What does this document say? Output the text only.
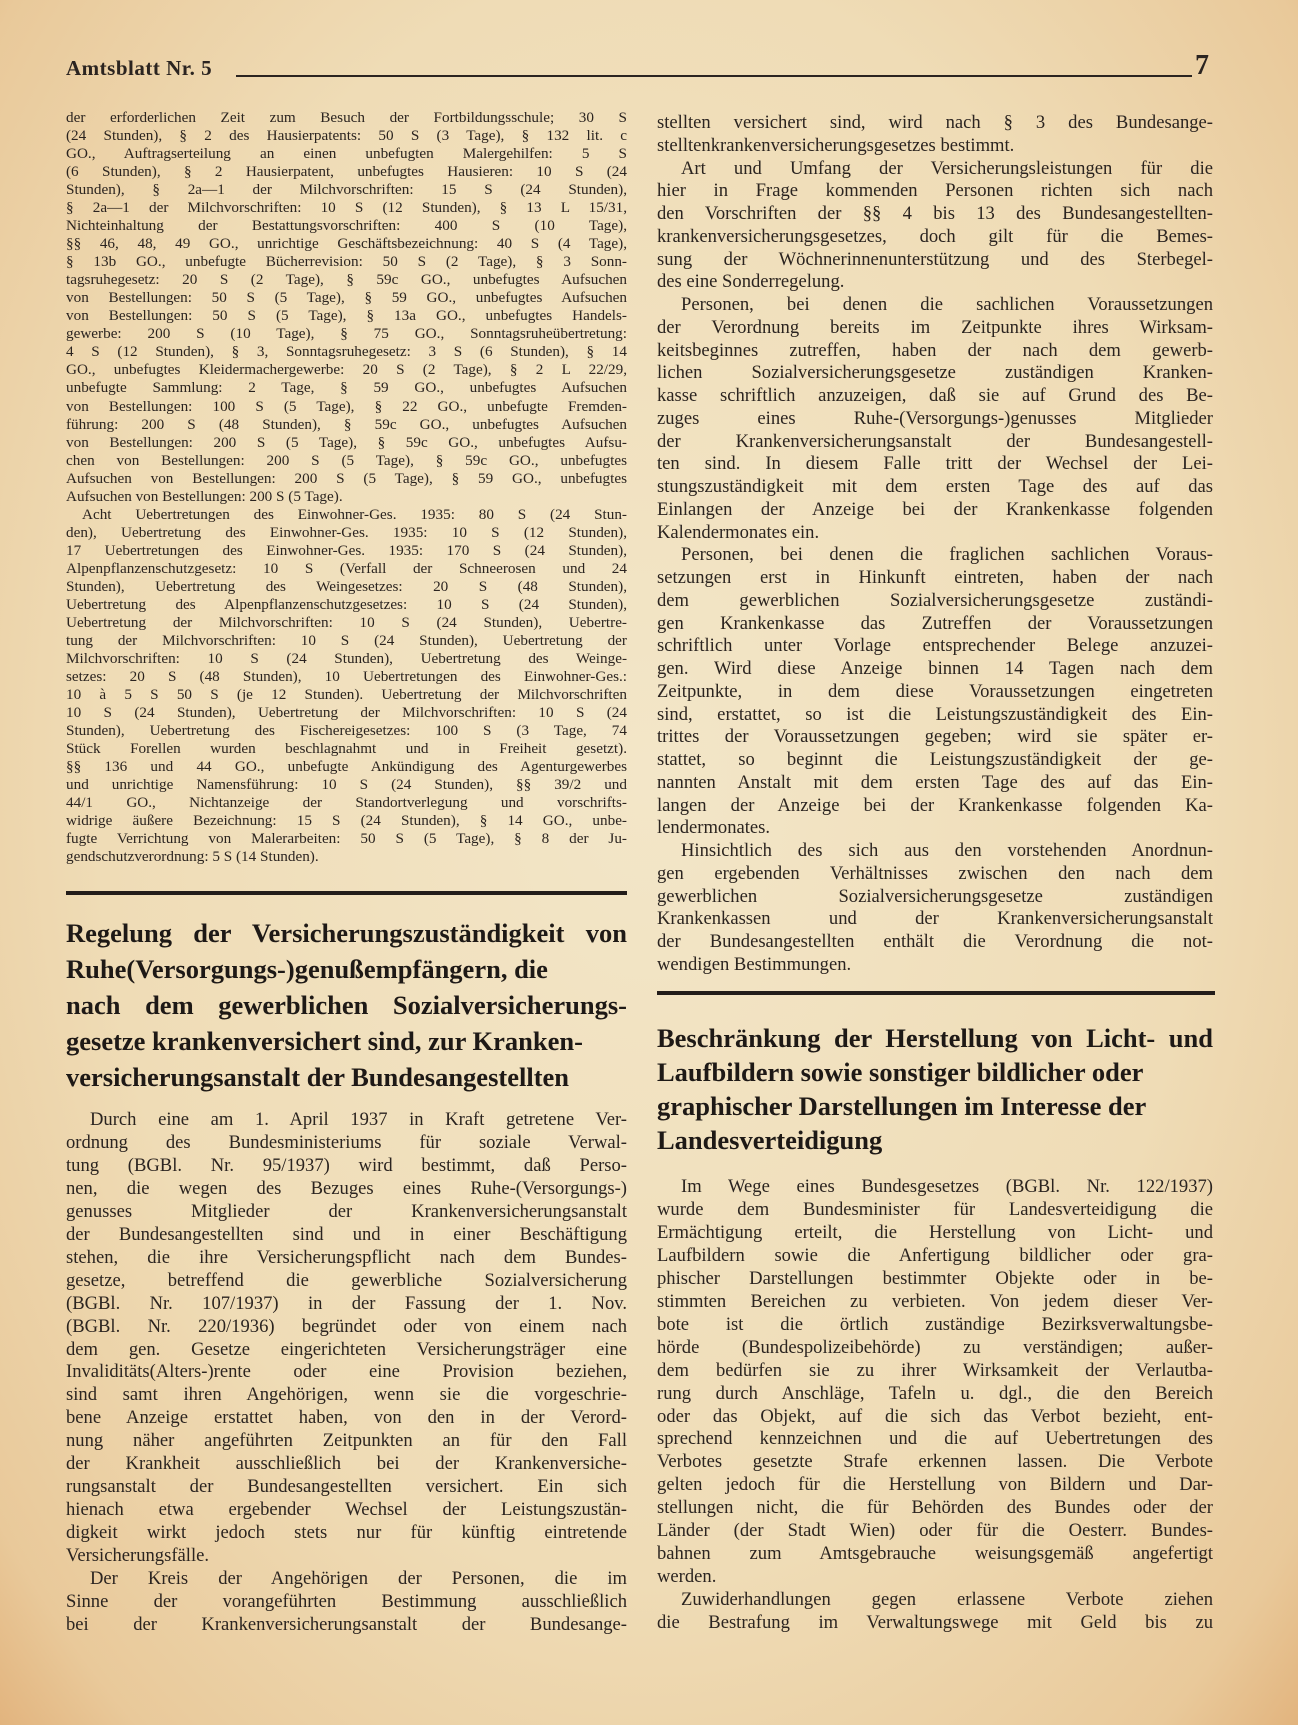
Amtsblatt Nr. 5	7
der erforderlichen Zeit zum Besuch der Fortbildungsschule; 30 S
(24 Stunden), § 2 des Hausierpatents: 50 S (3 Tage), § 132 lit. c
GO., Auftragserteilung an einen unbefugten Malergehilfen: 5 S
(6 Stunden), § 2 Hausierpatent, unbefugtes Hausieren: 10 S (24
Stunden), § 2a—1 der Milchvorschriften: 15 S (24 Stunden),
§ 2a—1 der Milchvorschriften: 10 S (12 Stunden), § 13 L 15/31,
Nichteinhaltung der Bestattungsvorschriften: 400 S (10 Tage),
§§ 46, 48, 49 GO., unrichtige Geschäftsbezeichnung: 40 S (4 Tage),
§ 13b GO., unbefugte Bücherrevision: 50 S (2 Tage), § 3 Sonn-
tagsruhegesetz: 20 S (2 Tage), § 59c GO., unbefugtes Aufsuchen
von Bestellungen: 50 S (5 Tage), § 59 GO., unbefugtes Aufsuchen
von Bestellungen: 50 S (5 Tage), § 13a GO., unbefugtes Handels-
gewerbe: 200 S (10 Tage), § 75 GO., Sonntagsruheübertretung:
4 S (12 Stunden), § 3, Sonntagsruhegesetz: 3 S (6 Stunden), § 14
GO., unbefugtes Kleidermachergewerbe: 20 S (2 Tage), § 2 L 22/29,
unbefugte Sammlung: 2 Tage, § 59 GO., unbefugtes Aufsuchen
von Bestellungen: 100 S (5 Tage), § 22 GO., unbefugte Fremden-
führung: 200 S (48 Stunden), § 59c GO., unbefugtes Aufsuchen
von Bestellungen: 200 S (5 Tage), § 59c GO., unbefugtes Aufsu-
chen von Bestellungen: 200 S (5 Tage), § 59c GO., unbefugtes
Aufsuchen von Bestellungen: 200 S (5 Tage), § 59 GO., unbefugtes
Aufsuchen von Bestellungen: 200 S (5 Tage).
Acht Uebertretungen des Einwohner-Ges. 1935: 80 S (24 Stun-
den), Uebertretung des Einwohner-Ges. 1935: 10 S (12 Stunden),
17 Uebertretungen des Einwohner-Ges. 1935: 170 S (24 Stunden),
Alpenpflanzenschutzgesetz: 10 S (Verfall der Schneerosen und 24
Stunden), Uebertretung des Weingesetzes: 20 S (48 Stunden),
Uebertretung des Alpenpflanzenschutzgesetzes: 10 S (24 Stunden),
Uebertretung der Milchvorschriften: 10 S (24 Stunden), Uebertre-
tung der Milchvorschriften: 10 S (24 Stunden), Uebertretung der
Milchvorschriften: 10 S (24 Stunden), Uebertretung des Weinge-
setzes: 20 S (48 Stunden), 10 Uebertretungen des Einwohner-Ges.:
10 à 5 S 50 S (je 12 Stunden). Uebertretung der Milchvorschriften
10 S (24 Stunden), Uebertretung der Milchvorschriften: 10 S (24
Stunden), Uebertretung des Fischereigesetzes: 100 S (3 Tage, 74
Stück Forellen wurden beschlagnahmt und in Freiheit gesetzt).
§§ 136 und 44 GO., unbefugte Ankündigung des Agenturgewerbes
und unrichtige Namensführung: 10 S (24 Stunden), §§ 39/2 und
44/1 GO., Nichtanzeige der Standortverlegung und vorschrifts-
widrige äußere Bezeichnung: 15 S (24 Stunden), § 14 GO., unbe-
fugte Verrichtung von Malerarbeiten: 50 S (5 Tage), § 8 der Ju-
gendschutzverordnung: 5 S (14 Stunden).
Regelung der Versicherungszuständigkeit von
Ruhe(Versorgungs-)genußempfängern, die
nach dem gewerblichen Sozialversicherungs-
gesetze krankenversichert sind, zur Kranken-
versicherungsanstalt der Bundesangestellten
Durch eine am 1. April 1937 in Kraft getretene Ver-
ordnung des Bundesministeriums für soziale Verwal-
tung (BGBl. Nr. 95/1937) wird bestimmt, daß Perso-
nen, die wegen des Bezuges eines Ruhe-(Versorgungs-)
genusses Mitglieder der Krankenversicherungsanstalt
der Bundesangestellten sind und in einer Beschäftigung
stehen, die ihre Versicherungspflicht nach dem Bundes-
gesetze, betreffend die gewerbliche Sozialversicherung
(BGBl. Nr. 107/1937) in der Fassung der 1. Nov.
(BGBl. Nr. 220/1936) begründet oder von einem nach
dem gen. Gesetze eingerichteten Versicherungsträger eine
Invaliditäts(Alters-)rente oder eine Provision beziehen,
sind samt ihren Angehörigen, wenn sie die vorgeschrie-
bene Anzeige erstattet haben, von den in der Verord-
nung näher angeführten Zeitpunkten an für den Fall
der Krankheit ausschließlich bei der Krankenversiche-
rungsanstalt der Bundesangestellten versichert. Ein sich
hienach etwa ergebender Wechsel der Leistungszustän-
digkeit wirkt jedoch stets nur für künftig eintretende
Versicherungsfälle.
Der Kreis der Angehörigen der Personen, die im
Sinne der vorangeführten Bestimmung ausschließlich
bei der Krankenversicherungsanstalt der Bundesange-
stellten versichert sind, wird nach § 3 des Bundesange-
stelltenkrankenversicherungsgesetzes bestimmt.
Art und Umfang der Versicherungsleistungen für die
hier in Frage kommenden Personen richten sich nach
den Vorschriften der §§ 4 bis 13 des Bundesangestellten-
krankenversicherungsgesetzes, doch gilt für die Bemes-
sung der Wöchnerinnenunterstützung und des Sterbegel-
des eine Sonderregelung.
Personen, bei denen die sachlichen Voraussetzungen
der Verordnung bereits im Zeitpunkte ihres Wirksam-
keitsbeginnes zutreffen, haben der nach dem gewerb-
lichen Sozialversicherungsgesetze zuständigen Kranken-
kasse schriftlich anzuzeigen, daß sie auf Grund des Be-
zuges eines Ruhe-(Versorgungs-)genusses Mitglieder
der Krankenversicherungsanstalt der Bundesangestell-
ten sind. In diesem Falle tritt der Wechsel der Lei-
stungszuständigkeit mit dem ersten Tage des auf das
Einlangen der Anzeige bei der Krankenkasse folgenden
Kalendermonates ein.
Personen, bei denen die fraglichen sachlichen Voraus-
setzungen erst in Hinkunft eintreten, haben der nach
dem gewerblichen Sozialversicherungsgesetze zuständi-
gen Krankenkasse das Zutreffen der Voraussetzungen
schriftlich unter Vorlage entsprechender Belege anzuzei-
gen. Wird diese Anzeige binnen 14 Tagen nach dem
Zeitpunkte, in dem diese Voraussetzungen eingetreten
sind, erstattet, so ist die Leistungszuständigkeit des Ein-
trittes der Voraussetzungen gegeben; wird sie später er-
stattet, so beginnt die Leistungszuständigkeit der ge-
nannten Anstalt mit dem ersten Tage des auf das Ein-
langen der Anzeige bei der Krankenkasse folgenden Ka-
lendermonates.
Hinsichtlich des sich aus den vorstehenden Anordnun-
gen ergebenden Verhältnisses zwischen den nach dem
gewerblichen Sozialversicherungsgesetze zuständigen
Krankenkassen und der Krankenversicherungsanstalt
der Bundesangestellten enthält die Verordnung die not-
wendigen Bestimmungen.
Beschränkung der Herstellung von Licht- und
Laufbildern sowie sonstiger bildlicher oder
graphischer Darstellungen im Interesse der
Landesverteidigung
Im Wege eines Bundesgesetzes (BGBl. Nr. 122/1937)
wurde dem Bundesminister für Landesverteidigung die
Ermächtigung erteilt, die Herstellung von Licht- und
Laufbildern sowie die Anfertigung bildlicher oder gra-
phischer Darstellungen bestimmter Objekte oder in be-
stimmten Bereichen zu verbieten. Von jedem dieser Ver-
bote ist die örtlich zuständige Bezirksverwaltungsbe-
hörde (Bundespolizeibehörde) zu verständigen; außer-
dem bedürfen sie zu ihrer Wirksamkeit der Verlautba-
rung durch Anschläge, Tafeln u. dgl., die den Bereich
oder das Objekt, auf die sich das Verbot bezieht, ent-
sprechend kennzeichnen und die auf Uebertretungen des
Verbotes gesetzte Strafe erkennen lassen. Die Verbote
gelten jedoch für die Herstellung von Bildern und Dar-
stellungen nicht, die für Behörden des Bundes oder der
Länder (der Stadt Wien) oder für die Oesterr. Bundes-
bahnen zum Amtsgebrauche weisungsgemäß angefertigt
werden.
Zuwiderhandlungen gegen erlassene Verbote ziehen
die Bestrafung im Verwaltungswege mit Geld bis zu
